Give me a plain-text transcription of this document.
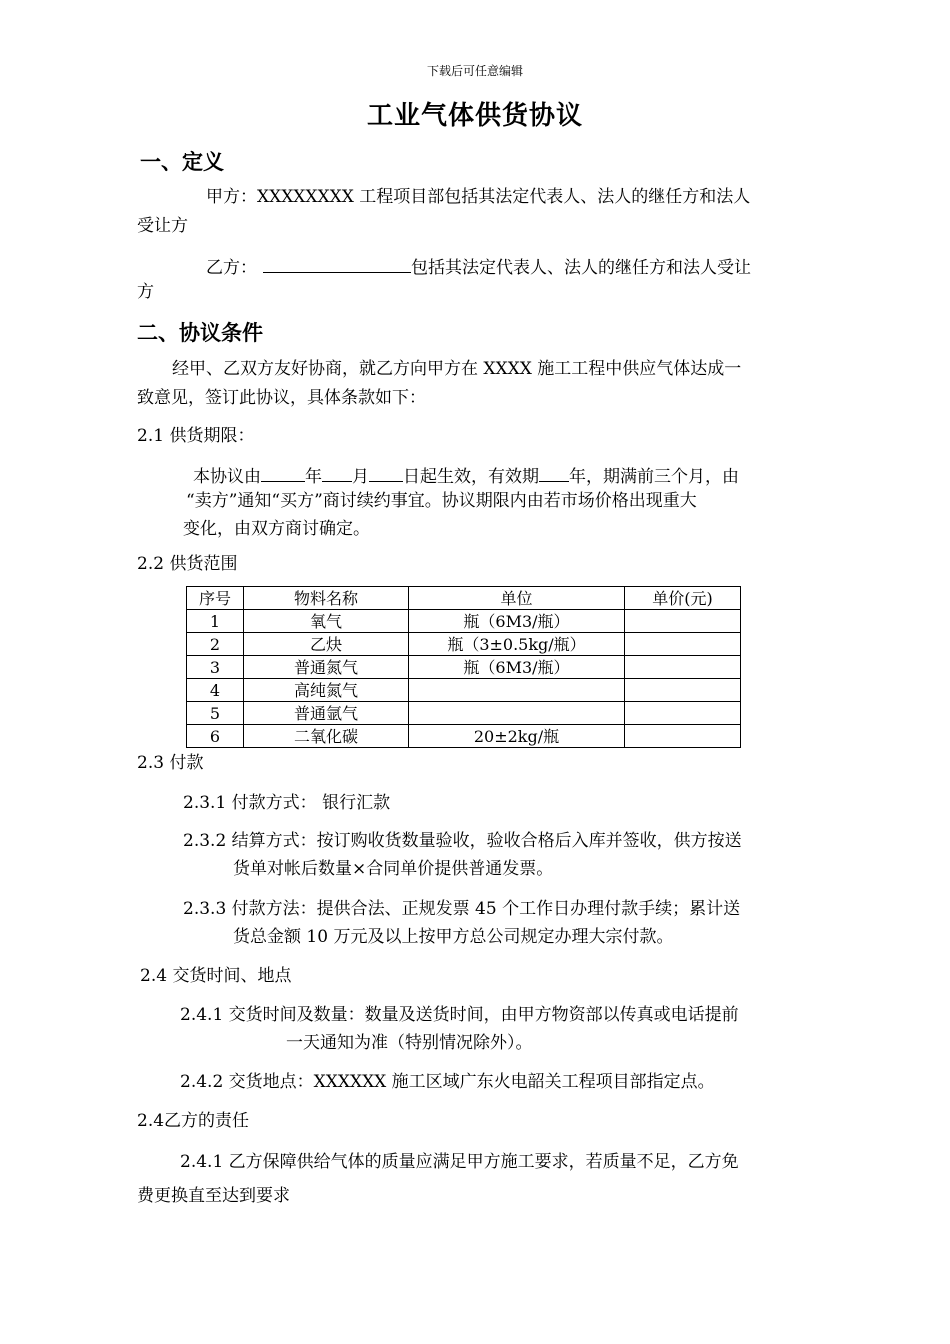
下载后可任意编辑
工业气体供货协议
一、定义
甲方：XXXXXXXX 工程项目部包括其法定代表人、法人的继任方和法人
受让方
乙方：	包括其法定代表人、法人的继任方和法人受让
方
二、协议条件
经甲、乙双方友好协商，就乙方向甲方在 XXXX 施工工程中供应气体达成一
致意见，签订此协议，具体条款如下：
2.1 供货期限：
本协议由	年 月 日起生效，有效期 年，期满前三个月，由
“卖方”通知“买方”商讨续约事宜。协议期限内由若市场价格出现重大
变化，由双方商讨确定。
2.2 供货范围
序号	物料名称	单位	单价(元)
1	氧气	瓶（6M3/瓶）	
2	乙炔	瓶（3±0.5kg/瓶）	
3	普通氮气	瓶（6M3/瓶）	
4	高纯氮气		
5	普通氩气		
6	二氧化碳	20±2kg/瓶	
2.3 付款
2.3.1 付款方式： 银行汇款
2.3.2 结算方式：按订购收货数量验收，验收合格后入库并签收，供方按送
货单对帐后数量×合同单价提供普通发票。
2.3.3 付款方法：提供合法、正规发票 45 个工作日办理付款手续；累计送
货总金额 10 万元及以上按甲方总公司规定办理大宗付款。
2.4 交货时间、地点
2.4.1 交货时间及数量：数量及送货时间，由甲方物资部以传真或电话提前
一天通知为准（特别情况除外）。
2.4.2 交货地点：XXXXXX 施工区域广东火电韶关工程项目部指定点。
2.4乙方的责任
2.4.1 乙方保障供给气体的质量应满足甲方施工要求，若质量不足，乙方免
费更换直至达到要求
